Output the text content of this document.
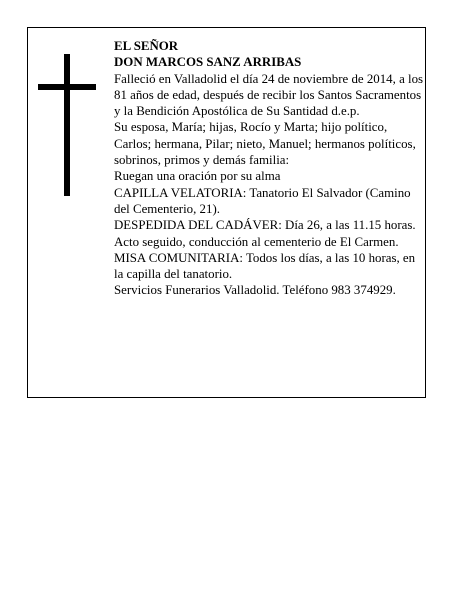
EL SEÑOR

DON MARCOS SANZ ARRIBAS

Falleció en Valladolid el día 24 de noviembre de 2014, a los 81 años de edad, después de recibir los Santos Sacramentos y la Bendición Apostólica de Su Santidad d.e.p.

Su esposa, María; hijas, Rocío y Marta; hijo político, Carlos; hermana, Pilar; nieto, Manuel; hermanos políticos, sobrinos, primos y demás familia:

Ruegan una oración por su alma

CAPILLA VELATORIA: Tanatorio El Salvador (Camino del Cementerio, 21).

DESPEDIDA DEL CADÁVER: Día 26, a las 11.15 horas. Acto seguido, conducción al cementerio de El Carmen.

MISA COMUNITARIA: Todos los días, a las 10 horas, en la capilla del tanatorio.

Servicios Funerarios Valladolid. Teléfono 983 374929.
